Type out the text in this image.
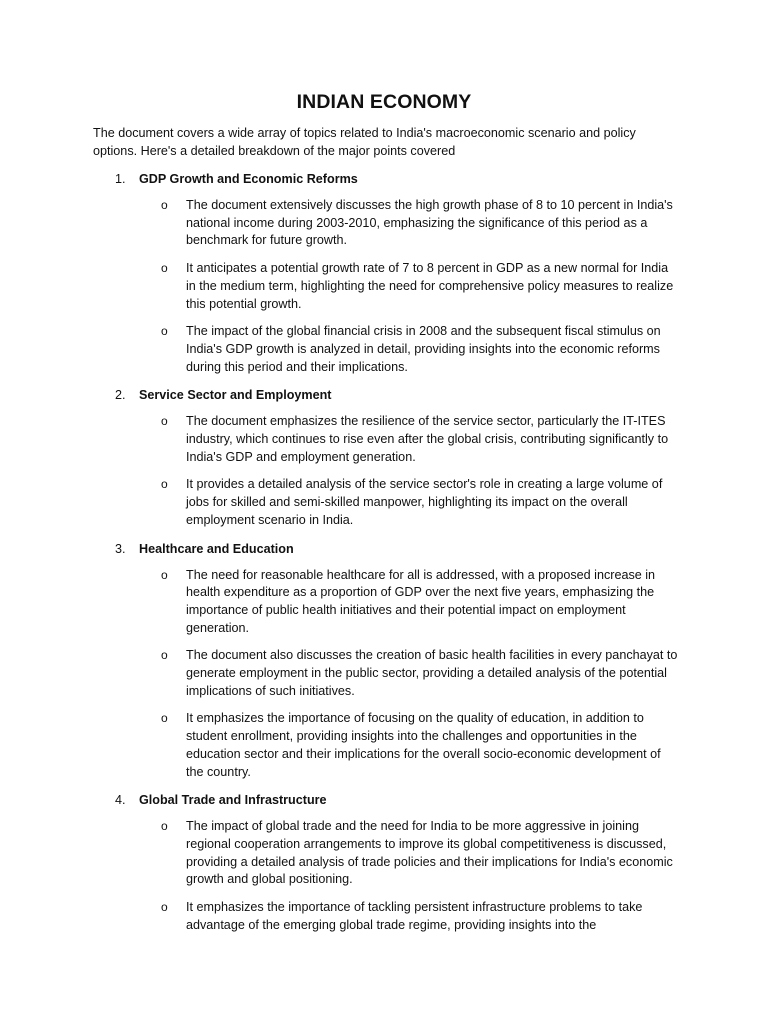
INDIAN ECONOMY
The document covers a wide array of topics related to India's macroeconomic scenario and policy options. Here's a detailed breakdown of the major points covered
1. GDP Growth and Economic Reforms
o The document extensively discusses the high growth phase of 8 to 10 percent in India's national income during 2003-2010, emphasizing the significance of this period as a benchmark for future growth.
o It anticipates a potential growth rate of 7 to 8 percent in GDP as a new normal for India in the medium term, highlighting the need for comprehensive policy measures to realize this potential growth.
o The impact of the global financial crisis in 2008 and the subsequent fiscal stimulus on India's GDP growth is analyzed in detail, providing insights into the economic reforms during this period and their implications.
2. Service Sector and Employment
o The document emphasizes the resilience of the service sector, particularly the IT-ITES industry, which continues to rise even after the global crisis, contributing significantly to India's GDP and employment generation.
o It provides a detailed analysis of the service sector's role in creating a large volume of jobs for skilled and semi-skilled manpower, highlighting its impact on the overall employment scenario in India.
3. Healthcare and Education
o The need for reasonable healthcare for all is addressed, with a proposed increase in health expenditure as a proportion of GDP over the next five years, emphasizing the importance of public health initiatives and their potential impact on employment generation.
o The document also discusses the creation of basic health facilities in every panchayat to generate employment in the public sector, providing a detailed analysis of the potential implications of such initiatives.
o It emphasizes the importance of focusing on the quality of education, in addition to student enrollment, providing insights into the challenges and opportunities in the education sector and their implications for the overall socio-economic development of the country.
4. Global Trade and Infrastructure
o The impact of global trade and the need for India to be more aggressive in joining regional cooperation arrangements to improve its global competitiveness is discussed, providing a detailed analysis of trade policies and their implications for India's economic growth and global positioning.
o It emphasizes the importance of tackling persistent infrastructure problems to take advantage of the emerging global trade regime, providing insights into the
